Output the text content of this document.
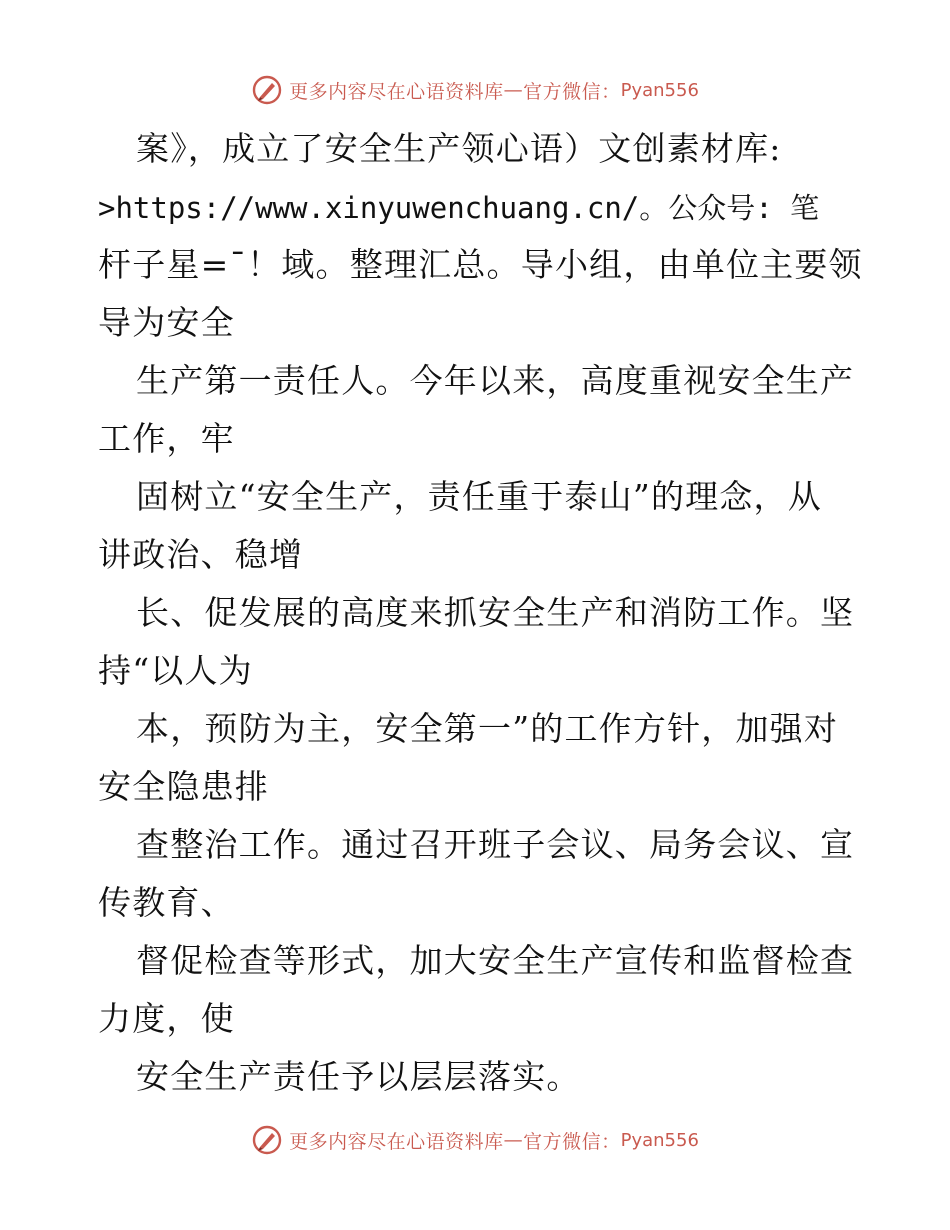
更多内容尽在心语资料库 — 官方微信： Pyan556
案》，成立了安全生产领心语）文创素材库:
>https://www.xinyuwenchuang.cn/。公众号: 笔
杆子星=¯！域。整理汇总。导小组，由单位主要领
导为安全
生产第一责任人。今年以来，高度重视安全生产
工作，牢
固树立“安全生产，责任重于泰山”的理念，从
讲政治、稳增
长、促发展的高度来抓安全生产和消防工作。坚
持“以人为
本，预防为主，安全第一”的工作方针，加强对
安全隐患排
查整治工作。通过召开班子会议、局务会议、宣
传教育、
督促检查等形式，加大安全生产宣传和监督检查
力度，使
安全生产责任予以层层落实。
更多内容尽在心语资料库 — 官方微信： Pyan556
